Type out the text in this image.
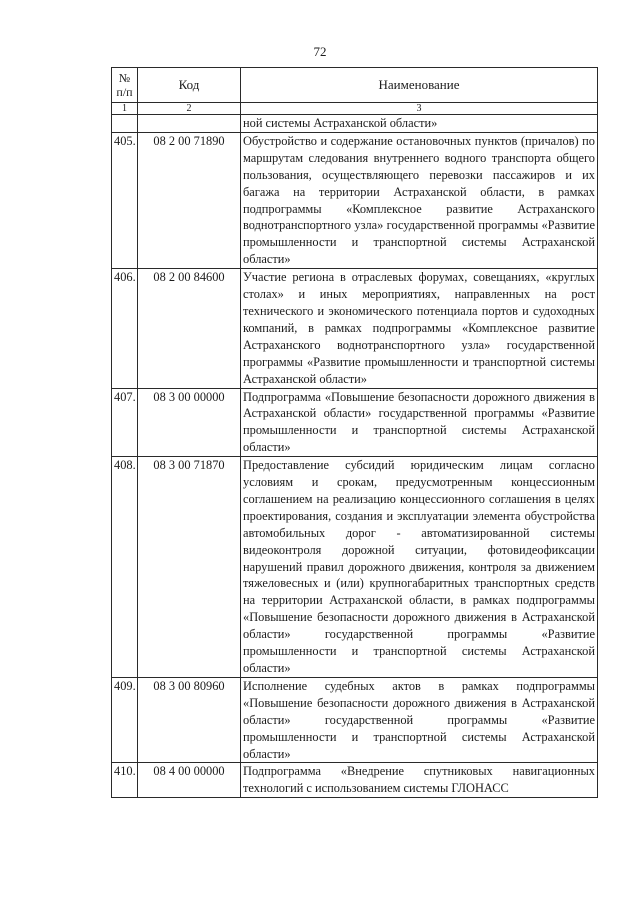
72
№ п/п	Код	Наименование
1	2	3
		ной системы Астраханской области»
405.	08 2 00 71890	Обустройство и содержание остановочных пунктов (причалов) по маршрутам следования внутреннего водного транспорта общего пользования, осуществляющего перевозки пассажиров и их багажа на территории Астраханской области, в рамках подпрограммы «Комплексное развитие Астраханского воднотранспортного узла» государственной программы «Развитие промышленности и транспортной системы Астраханской области»
406.	08 2 00 84600	Участие региона в отраслевых форумах, совещаниях, «круглых столах» и иных мероприятиях, направленных на рост технического и экономического потенциала портов и судоходных компаний, в рамках подпрограммы «Комплексное развитие Астраханского воднотранспортного узла» государственной программы «Развитие промышленности и транспортной системы Астраханской области»
407.	08 3 00 00000	Подпрограмма «Повышение безопасности дорожного движения в Астраханской области» государственной программы «Развитие промышленности и транспортной системы Астраханской области»
408.	08 3 00 71870	Предоставление субсидий юридическим лицам согласно условиям и срокам, предусмотренным концессионным соглашением на реализацию концессионного соглашения в целях проектирования, создания и эксплуатации элемента обустройства автомобильных дорог - автоматизированной системы видеоконтроля дорожной ситуации, фотовидеофиксации нарушений правил дорожного движения, контроля за движением тяжеловесных и (или) крупногабаритных транспортных средств на территории Астраханской области, в рамках подпрограммы «Повышение безопасности дорожного движения в Астраханской области» государственной программы «Развитие промышленности и транспортной системы Астраханской области»
409.	08 3 00 80960	Исполнение судебных актов в рамках подпрограммы «Повышение безопасности дорожного движения в Астраханской области» государственной программы «Развитие промышленности и транспортной системы Астраханской области»
410.	08 4 00 00000	Подпрограмма «Внедрение спутниковых навигационных технологий с использованием системы ГЛОНАСС
